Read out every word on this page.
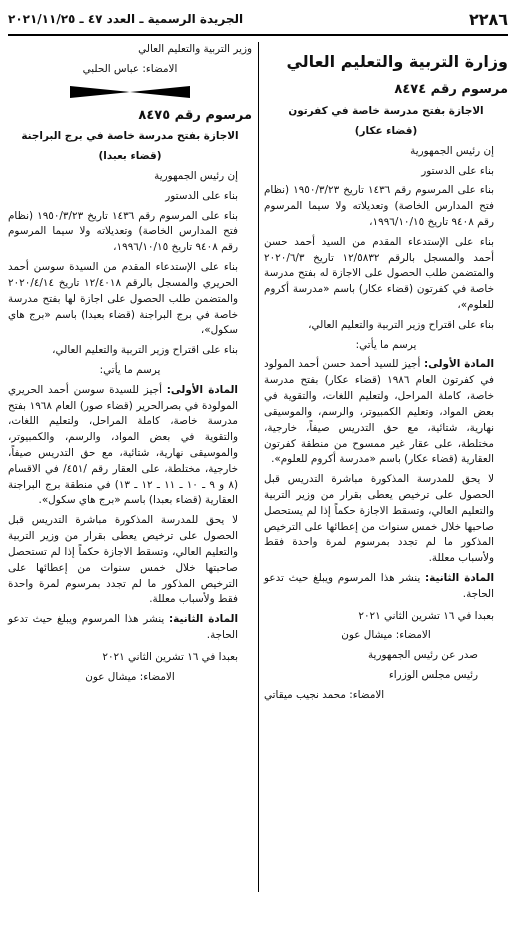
٢٢٨٦
الجريدة الرسمية ـ العدد ٤٧ ـ ٢٠٢١/١١/٢٥
وزارة التربية والتعليم العالي
مرسوم رقم ٨٤٧٤

الاجازة بفتح مدرسة خاصة في كفرتون

(قضاء عكار)

إن رئيس الجمهورية

بناء على الدستور

بناء على المرسوم رقم ١٤٣٦ تاريخ ١٩٥٠/٣/٢٣ (نظام فتح المدارس الخاصة) وتعديلاته ولا سيما المرسوم رقم ٩٤٠٨ تاريخ ١٩٩٦/١٠/١٥،

بناء على الإستدعاء المقدم من السيد أحمد حسن أحمد والمسجل بالرقم ١٢/٥٨٣٢ تاريخ ٢٠٢٠/٦/٣ والمتضمن طلب الحصول على الاجازة له بفتح مدرسة خاصة في كفرتون (قضاء عكار) باسم «مدرسة أكروم للعلوم»،

بناء على اقتراح وزير التربية والتعليم العالي،

يرسم ما يأتي:

المادة الأولى: أجيز للسيد أحمد حسن أحمد المولود في كفرتون العام ١٩٨٦ (قضاء عكار) بفتح مدرسة خاصة، كاملة المراحل، ولتعليم اللغات، والتقوية في بعض المواد، وتعليم الكمبيوتر، والرسم، والموسيقى نهارية، شتائية، مع حق التدريس صيفاً، خارجية، مختلطة، على عقار غير ممسوح من منطقة كفرتون العقارية (قضاء عكار) باسم «مدرسة أكروم للعلوم».

لا يحق للمدرسة المذكورة مباشرة التدريس قبل الحصول على ترخيص يعطى بقرار من وزير التربية والتعليم العالي، وتسقط الاجازة حكماً إذا لم يستحصل صاحبها خلال خمس سنوات من إعطائها على الترخيص المذكور ما لم تجدد بمرسوم لمرة واحدة فقط ولأسباب معللة.

المادة الثانية: ينشر هذا المرسوم ويبلغ حيث تدعو الحاجة.

بعبدا في ١٦ تشرين الثاني ٢٠٢١

الامضاء: ميشال عون

صدر عن رئيس الجمهورية

رئيس مجلس الوزراء

الامضاء: محمد نجيب ميقاتي

وزير التربية والتعليم العالي

الامضاء: عباس الحلبي

مرسوم رقم ٨٤٧٥

الاجازة بفتح مدرسة خاصة في برج البراجنة

(قضاء بعبدا)

إن رئيس الجمهورية

بناء على الدستور

بناء على المرسوم رقم ١٤٣٦ تاريخ ١٩٥٠/٣/٢٣ (نظام فتح المدارس الخاصة) وتعديلاته ولا سيما المرسوم رقم ٩٤٠٨ تاريخ ١٩٩٦/١٠/١٥،

بناء على الإستدعاء المقدم من السيدة سوسن أحمد الحريري والمسجل بالرقم ١٢/٤٠١٨ تاريخ ٢٠٢٠/٤/١٤ والمتضمن طلب الحصول على اجازة لها بفتح مدرسة خاصة في برج البراجنة (قضاء بعبدا) باسم «برج هاي سكول»،

بناء على اقتراح وزير التربية والتعليم العالي،

يرسم ما يأتي:

المادة الأولى: أجيز للسيدة سوسن أحمد الحريري المولودة في بصرالحرير (قضاء صور) العام ١٩٦٨ بفتح مدرسة خاصة، كاملة المراحل، ولتعليم اللغات، والتقوية في بعض المواد، والرسم، والكمبيوتر، والموسيقى نهارية، شتائية، مع حق التدريس صيفاً، خارجية، مختلطة، على العقار رقم /٤٥١/ في الاقسام (٨ و ٩ ـ ١٠ ـ ١١ ـ ١٢ ـ ١٣) في منطقة برج البراجنة العقارية (قضاء بعبدا) باسم «برج هاي سكول».

لا يحق للمدرسة المذكورة مباشرة التدريس قبل الحصول على ترخيص يعطى بقرار من وزير التربية والتعليم العالي، وتسقط الاجازة حكماً إذا لم تستحصل صاحبتها خلال خمس سنوات من إعطائها على الترخيص المذكور ما لم تجدد بمرسوم لمرة واحدة فقط ولأسباب معللة.

المادة الثانية: ينشر هذا المرسوم ويبلغ حيث تدعو الحاجة.

بعبدا في ١٦ تشرين الثاني ٢٠٢١

الامضاء: ميشال عون
